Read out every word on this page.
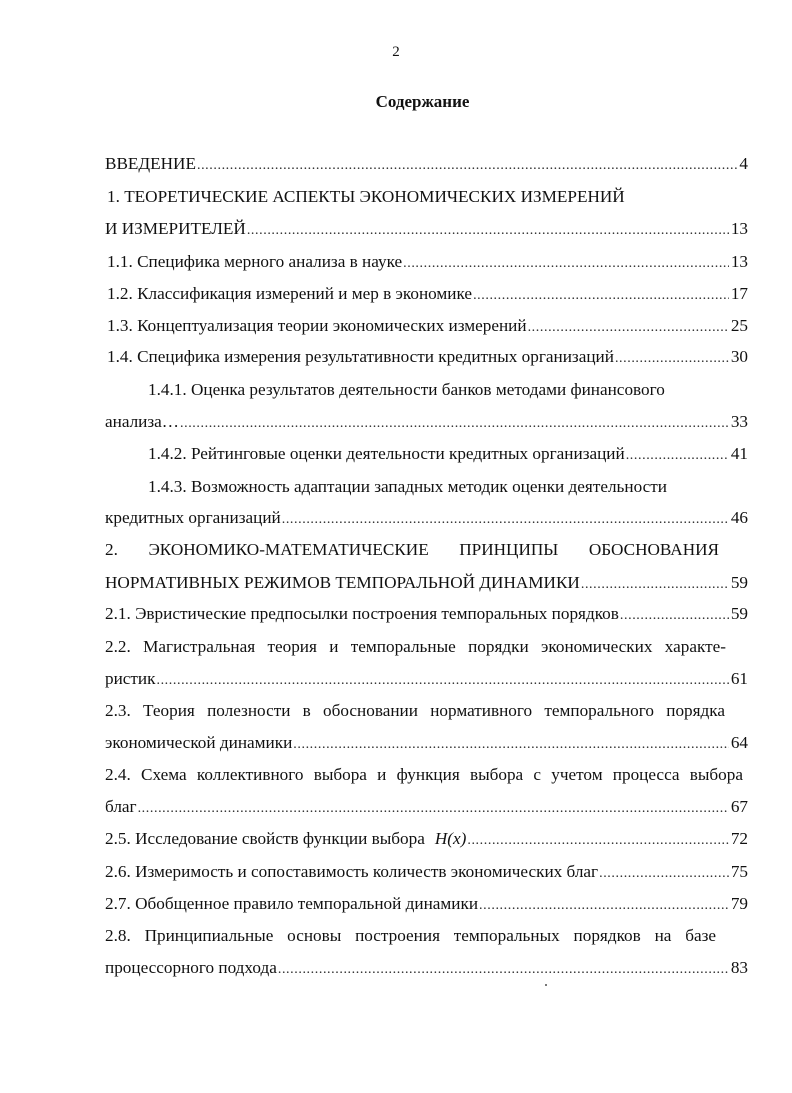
2
Содержание
ВВЕДЕНИЕ .....	4
1. ТЕОРЕТИЧЕСКИЕ АСПЕКТЫ ЭКОНОМИЧЕСКИХ ИЗМЕРЕНИЙ
И ИЗМЕРИТЕЛЕЙ .....	13
1.1. Специфика мерного анализа в науке .....	13
1.2. Классификация измерений и мер в экономике .....	17
1.3. Концептуализация теории экономических измерений .....	25
1.4. Специфика измерения результативности кредитных организаций .....	30
1.4.1. Оценка результатов деятельности банков методами финансового
анализа… .....	33
1.4.2. Рейтинговые оценки деятельности кредитных организаций .....	41
1.4.3. Возможность адаптации западных методик оценки деятельности
кредитных организаций .....	46
2. ЭКОНОМИКО-МАТЕМАТИЧЕСКИЕ ПРИНЦИПЫ ОБОСНОВАНИЯ
НОРМАТИВНЫХ РЕЖИМОВ ТЕМПОРАЛЬНОЙ ДИНАМИКИ .....	59
2.1. Эвристические предпосылки построения темпоральных порядков .....	59
2.2. Магистральная теория и темпоральные порядки экономических характе-
ристик .....	61
2.3. Теория полезности в обосновании нормативного темпорального порядка
экономической динамики .....	64
2.4. Схема коллективного выбора и функция выбора с учетом процесса выбора
благ .....	67
2.5. Исследование свойств функции выбора H(x) .....	72
2.6. Измеримость и сопоставимость количеств экономических благ .....	75
2.7. Обобщенное правило темпоральной динамики .....	79
2.8. Принципиальные основы построения темпоральных порядков на базе
процессорного подхода .....	83
